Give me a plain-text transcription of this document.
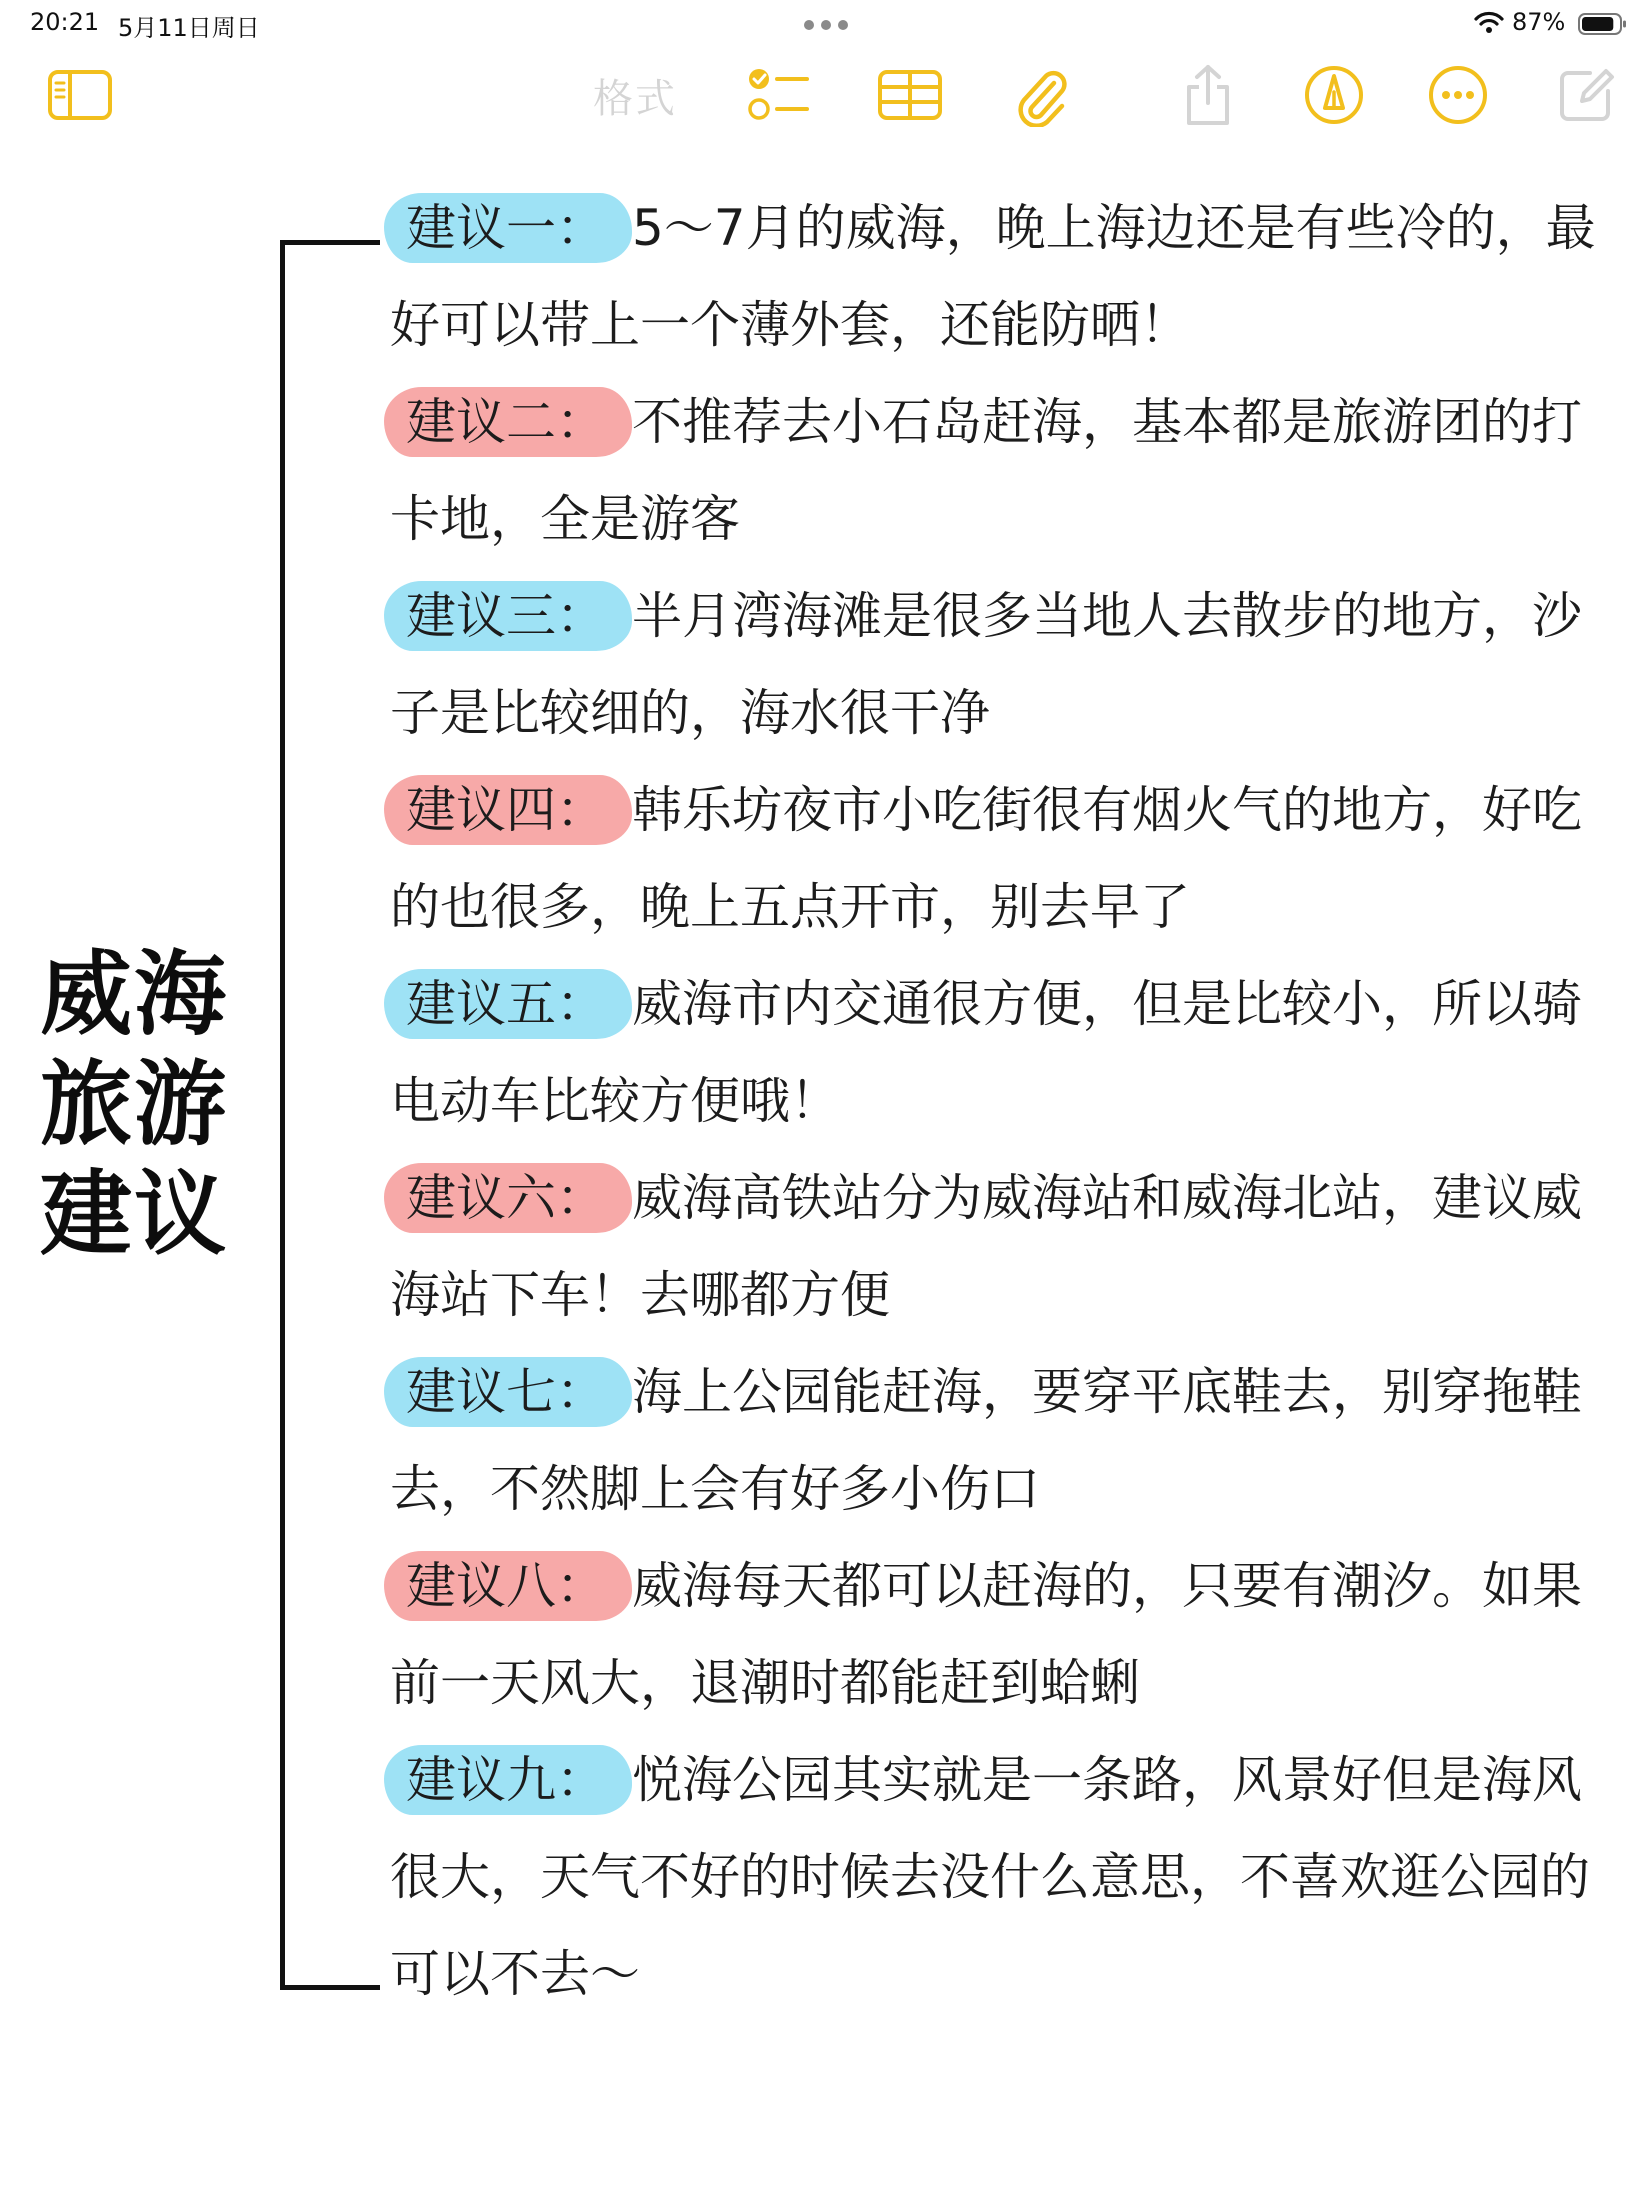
20:21 5月11日周日	87%
格式
威海
旅游
建议

建议一： 5～7月的威海，晚上海边还是有些冷的，最好可以带上一个薄外套，还能防晒！

建议二： 不推荐去小石岛赶海，基本都是旅游团的打卡地，全是游客

建议三： 半月湾海滩是很多当地人去散步的地方，沙子是比较细的，海水很干净

建议四： 韩乐坊夜市小吃街很有烟火气的地方，好吃的也很多，晚上五点开市，别去早了

建议五： 威海市内交通很方便，但是比较小，所以骑电动车比较方便哦！

建议六： 威海高铁站分为威海站和威海北站，建议威海站下车！去哪都方便

建议七： 海上公园能赶海，要穿平底鞋去，别穿拖鞋去，不然脚上会有好多小伤口

建议八： 威海每天都可以赶海的，只要有潮汐。如果前一天风大，退潮时都能赶到蛤蜊

建议九： 悦海公园其实就是一条路，风景好但是海风很大，天气不好的时候去没什么意思，不喜欢逛公园的可以不去～
